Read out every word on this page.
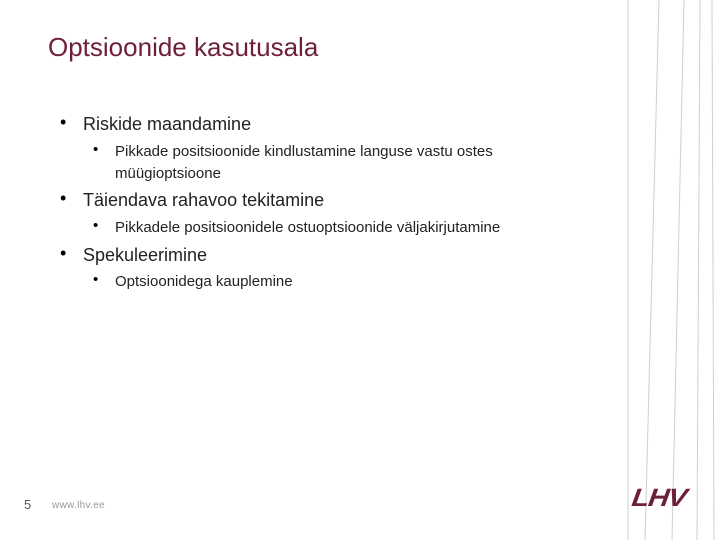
Optsioonide kasutusala
• Riskide maandamine
• Pikkade positsioonide kindlustamine languse vastu ostes
müügioptsioone
• Täiendava rahavoo tekitamine
• Pikkadele positsioonidele ostuoptsioonide väljakirjutamine
• Spekuleerimine
• Optsioonidega kauplemine
5 www.lhv.ee	LHV
